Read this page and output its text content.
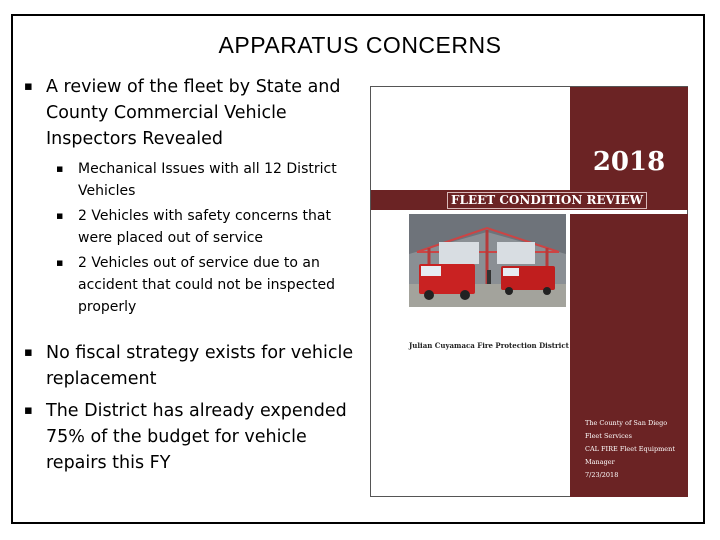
APPARATUS CONCERNS
▪ A review of the fleet by State and County Commercial Vehicle Inspectors Revealed
▪ Mechanical Issues with all 12 District Vehicles
▪ 2 Vehicles with safety concerns that were placed out of service
▪ 2 Vehicles out of service due to an accident that could not be inspected properly
▪ No fiscal strategy exists for vehicle replacement
▪ The District has already expended 75% of the budget for vehicle repairs this FY
2018
FLEET CONDITION REVIEW
Julian Cuyamaca Fire Protection District
The County of San Diego
Fleet Services
CAL FIRE Fleet Equipment
Manager
7/23/2018
